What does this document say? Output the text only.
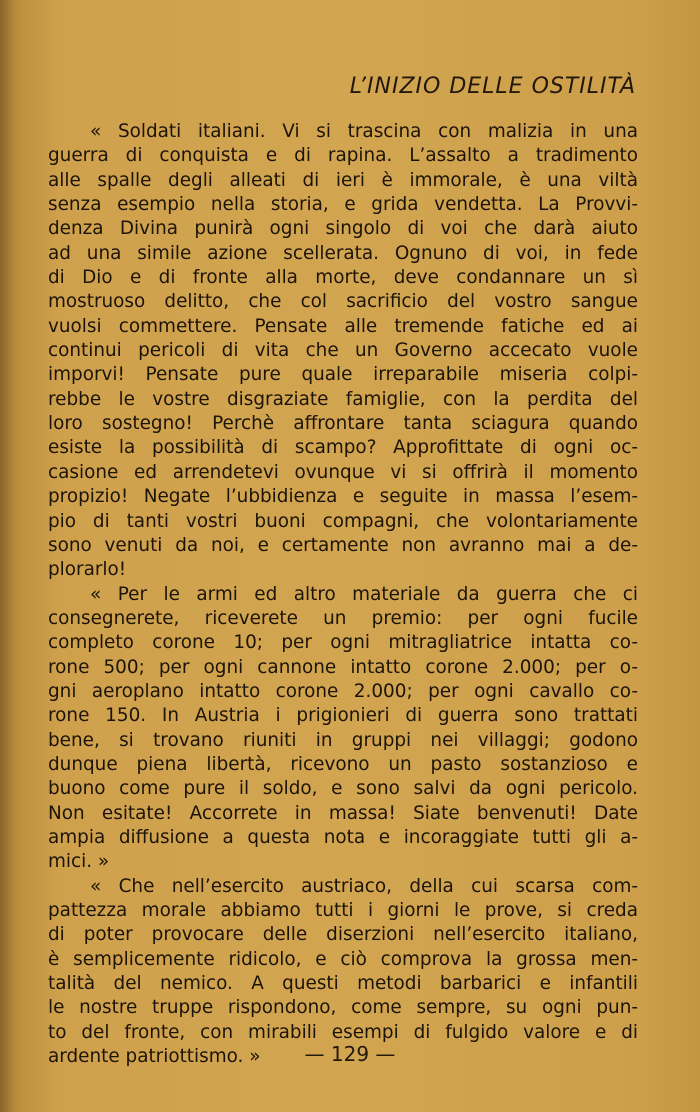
L’INIZIO DELLE OSTILITÀ
« Soldati italiani. Vi si trascina con malizia in una
guerra di conquista e di rapina. L’assalto a tradimento
alle spalle degli alleati di ieri è immorale, è una viltà
senza esempio nella storia, e grida vendetta. La Provvi-
denza Divina punirà ogni singolo di voi che darà aiuto
ad una simile azione scellerata. Ognuno di voi, in fede
di Dio e di fronte alla morte, deve condannare un sì
mostruoso delitto, che col sacrificio del vostro sangue
vuolsi commettere. Pensate alle tremende fatiche ed ai
continui pericoli di vita che un Governo accecato vuole
imporvi! Pensate pure quale irreparabile miseria colpi-
rebbe le vostre disgraziate famiglie, con la perdita del
loro sostegno! Perchè affrontare tanta sciagura quando
esiste la possibilità di scampo? Approfittate di ogni oc-
casione ed arrendetevi ovunque vi si offrirà il momento
propizio! Negate l’ubbidienza e seguite in massa l’esem-
pio di tanti vostri buoni compagni, che volontariamente
sono venuti da noi, e certamente non avranno mai a de-
plorarlo!
« Per le armi ed altro materiale da guerra che ci
consegnerete, riceverete un premio: per ogni fucile
completo corone 10; per ogni mitragliatrice intatta co-
rone 500; per ogni cannone intatto corone 2.000; per o-
gni aeroplano intatto corone 2.000; per ogni cavallo co-
rone 150. In Austria i prigionieri di guerra sono trattati
bene, si trovano riuniti in gruppi nei villaggi; godono
dunque piena libertà, ricevono un pasto sostanzioso e
buono come pure il soldo, e sono salvi da ogni pericolo.
Non esitate! Accorrete in massa! Siate benvenuti! Date
ampia diffusione a questa nota e incoraggiate tutti gli a-
mici. »
« Che nell’esercito austriaco, della cui scarsa com-
pattezza morale abbiamo tutti i giorni le prove, si creda
di poter provocare delle diserzioni nell’esercito italiano,
è semplicemente ridicolo, e ciò comprova la grossa men-
talità del nemico. A questi metodi barbarici e infantili
le nostre truppe rispondono, come sempre, su ogni pun-
to del fronte, con mirabili esempi di fulgido valore e di
ardente patriottismo. »	— 129 —
